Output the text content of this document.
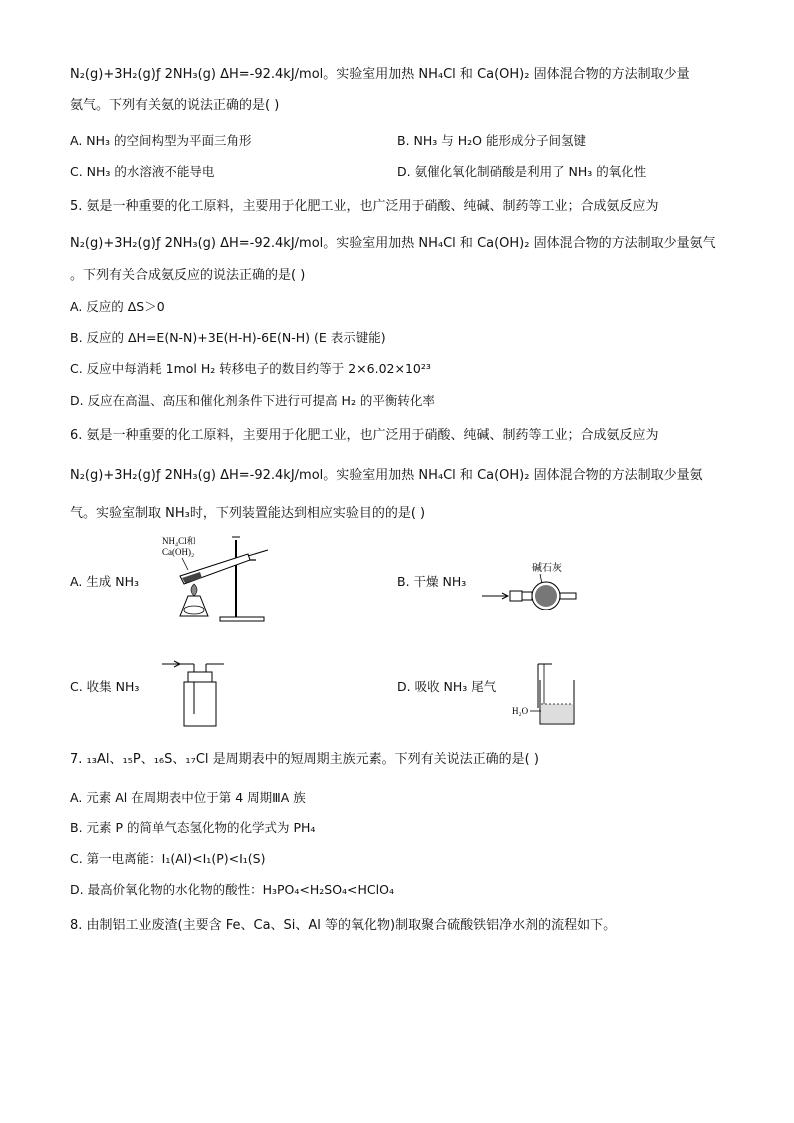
N₂(g)+3H₂(g)ƒ 2NH₃(g) ΔH=-92.4kJ/mol。实验室用加热 NH₄Cl 和 Ca(OH)₂ 固体混合物的方法制取少量
氨气。下列有关氨的说法正确的是( )
A. NH₃ 的空间构型为平面三角形	B. NH₃ 与 H₂O 能形成分子间氢键
C. NH₃ 的水溶液不能导电	D. 氨催化氧化制硝酸是利用了 NH₃ 的氧化性
5. 氨是一种重要的化工原料，主要用于化肥工业，也广泛用于硝酸、纯碱、制药等工业；合成氨反应为
N₂(g)+3H₂(g)ƒ 2NH₃(g) ΔH=-92.4kJ/mol。实验室用加热 NH₄Cl 和 Ca(OH)₂ 固体混合物的方法制取少量氨气
。下列有关合成氨反应的说法正确的是( )
A. 反应的 ΔS＞0
B. 反应的 ΔH=E(N-N)+3E(H-H)-6E(N-H) (E 表示键能)
C. 反应中每消耗 1mol H₂ 转移电子的数目约等于 2×6.02×10²³
D. 反应在高温、高压和催化剂条件下进行可提高 H₂ 的平衡转化率
6. 氨是一种重要的化工原料，主要用于化肥工业，也广泛用于硝酸、纯碱、制药等工业；合成氨反应为
N₂(g)+3H₂(g)ƒ 2NH₃(g) ΔH=-92.4kJ/mol。实验室用加热 NH₄Cl 和 Ca(OH)₂ 固体混合物的方法制取少量氨
气。实验室制取 NH₃时，下列装置能达到相应实验目的的是( )
A. 生成 NH₃	B. 干燥 NH₃
C. 收集 NH₃	D. 吸收 NH₃ 尾气
NH₄Cl和
Ca(OH)₂
碱石灰
H₂O
7. ₁₃Al、₁₅P、₁₆S、₁₇Cl 是周期表中的短周期主族元素。下列有关说法正确的是( )
A. 元素 Al 在周期表中位于第 4 周期ⅢA 族
B. 元素 P 的简单气态氢化物的化学式为 PH₄
C. 第一电离能：I₁(Al)<I₁(P)<I₁(S)
D. 最高价氧化物的水化物的酸性：H₃PO₄<H₂SO₄<HClO₄
8. 由制铝工业废渣(主要含 Fe、Ca、Si、Al 等的氧化物)制取聚合硫酸铁铝净水剂的流程如下。
